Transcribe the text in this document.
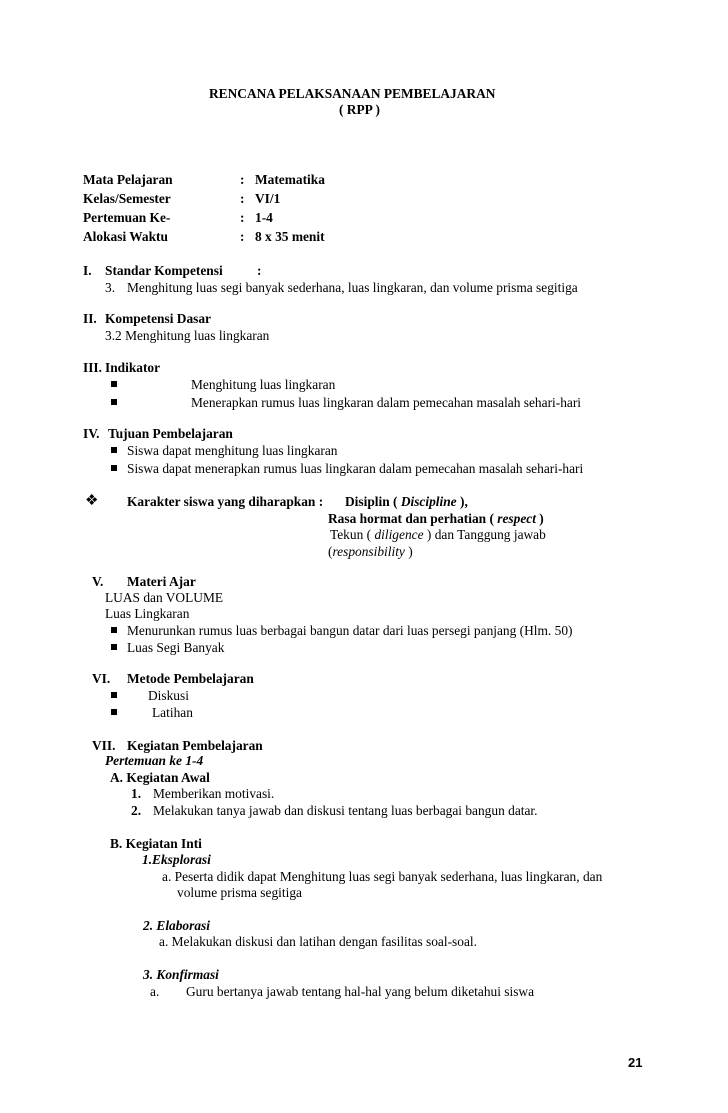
RENCANA PELAKSANAAN PEMBELAJARAN
( RPP )
Mata Pelajaran	: Matematika
Kelas/Semester	: VI/1
Pertemuan Ke-	: 1-4
Alokasi Waktu	: 8 x 35 menit
I. Standar Kompetensi	:
3. Menghitung luas segi banyak sederhana, luas lingkaran, dan volume prisma segitiga
II. Kompetensi Dasar
3.2 Menghitung luas lingkaran
III. Indikator
Menghitung luas lingkaran
Menerapkan rumus luas lingkaran dalam pemecahan masalah sehari-hari
IV. Tujuan Pembelajaran
Siswa dapat menghitung luas lingkaran
Siswa dapat menerapkan rumus luas lingkaran dalam pemecahan masalah sehari-hari
❖ Karakter siswa yang diharapkan : Disiplin ( Discipline ),
Rasa hormat dan perhatian ( respect )
Tekun ( diligence ) dan Tanggung jawab
(responsibility )
V. Materi Ajar
LUAS dan VOLUME
Luas Lingkaran
Menurunkan rumus luas berbagai bangun datar dari luas persegi panjang (Hlm. 50)
Luas Segi Banyak
VI. Metode Pembelajaran
Diskusi
Latihan
VII. Kegiatan Pembelajaran
Pertemuan ke 1-4
A. Kegiatan Awal
1. Memberikan motivasi.
2. Melakukan tanya jawab dan diskusi tentang luas berbagai bangun datar.
B. Kegiatan Inti
1.Eksplorasi
a. Peserta didik dapat Menghitung luas segi banyak sederhana, luas lingkaran, dan
volume prisma segitiga
2. Elaborasi
a. Melakukan diskusi dan latihan dengan fasilitas soal-soal.
3. Konfirmasi
a. Guru bertanya jawab tentang hal-hal yang belum diketahui siswa
21
